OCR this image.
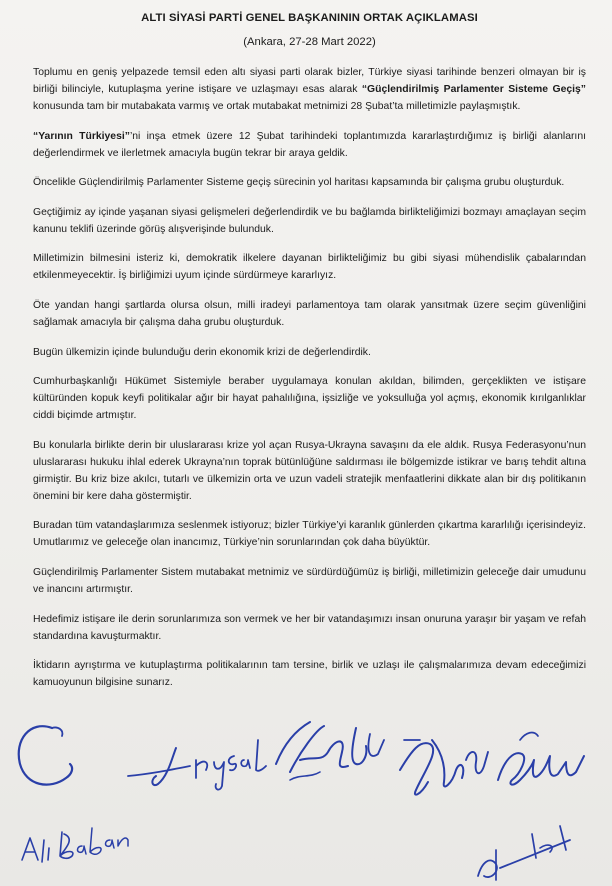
ALTI SİYASİ PARTİ GENEL BAŞKANININ ORTAK AÇIKLAMASI
(Ankara, 27-28 Mart 2022)

Toplumu en geniş yelpazede temsil eden altı siyasi parti olarak bizler, Türkiye siyasi tarihinde benzeri olmayan bir iş birliği bilinciyle, kutuplaşma yerine istişare ve uzlaşmayı esas alarak “Güçlendirilmiş Parlamenter Sisteme Geçiş” konusunda tam bir mutabakata varmış ve ortak mutabakat metnimizi 28 Şubat’ta milletimizle paylaşmıştık.

“Yarının Türkiyesi”’ni inşa etmek üzere 12 Şubat tarihindeki toplantımızda kararlaştırdığımız iş birliği alanlarını değerlendirmek ve ilerletmek amacıyla bugün tekrar bir araya geldik.

Öncelikle Güçlendirilmiş Parlamenter Sisteme geçiş sürecinin yol haritası kapsamında bir çalışma grubu oluşturduk.

Geçtiğimiz ay içinde yaşanan siyasi gelişmeleri değerlendirdik ve bu bağlamda birlikteliğimizi bozmayı amaçlayan seçim kanunu teklifi üzerinde görüş alışverişinde bulunduk.

Milletimizin bilmesini isteriz ki, demokratik ilkelere dayanan birlikteliğimiz bu gibi siyasi mühendislik çabalarından etkilenmeyecektir. İş birliğimizi uyum içinde sürdürmeye kararlıyız.

Öte yandan hangi şartlarda olursa olsun, milli iradeyi parlamentoya tam olarak yansıtmak üzere seçim güvenliğini sağlamak amacıyla bir çalışma daha grubu oluşturduk.

Bugün ülkemizin içinde bulunduğu derin ekonomik krizi de değerlendirdik.

Cumhurbaşkanlığı Hükümet Sistemiyle beraber uygulamaya konulan akıldan, bilimden, gerçeklikten ve istişare kültüründen kopuk keyfi politikalar ağır bir hayat pahalılığına, işsizliğe ve yoksulluğa yol açmış, ekonomik kırılganlıklar ciddi biçimde artmıştır.

Bu konularla birlikte derin bir uluslararası krize yol açan Rusya-Ukrayna savaşını da ele aldık. Rusya Federasyonu’nun uluslararası hukuku ihlal ederek Ukrayna’nın toprak bütünlüğüne saldırması ile bölgemizde istikrar ve barış tehdit altına girmiştir. Bu kriz bize akılcı, tutarlı ve ülkemizin orta ve uzun vadeli stratejik menfaatlerini dikkate alan bir dış politikanın önemini bir kere daha göstermiştir.

Buradan tüm vatandaşlarımıza seslenmek istiyoruz; bizler Türkiye’yi karanlık günlerden çıkartma kararlılığı içerisindeyiz. Umutlarımız ve geleceğe olan inancımız, Türkiye’nin sorunlarından çok daha büyüktür.

Güçlendirilmiş Parlamenter Sistem mutabakat metnimiz ve sürdürdüğümüz iş birliği, milletimizin geleceğe dair umudunu ve inancını artırmıştır.

Hedefimiz istişare ile derin sorunlarımıza son vermek ve her bir vatandaşımızı insan onuruna yaraşır bir yaşam ve refah standardına kavuşturmaktır.

İktidarın ayrıştırma ve kutuplaştırma politikalarının tam tersine, birlik ve uzlaşı ile çalışmalarımıza devam edeceğimizi kamuoyunun bilgisine sunarız.
